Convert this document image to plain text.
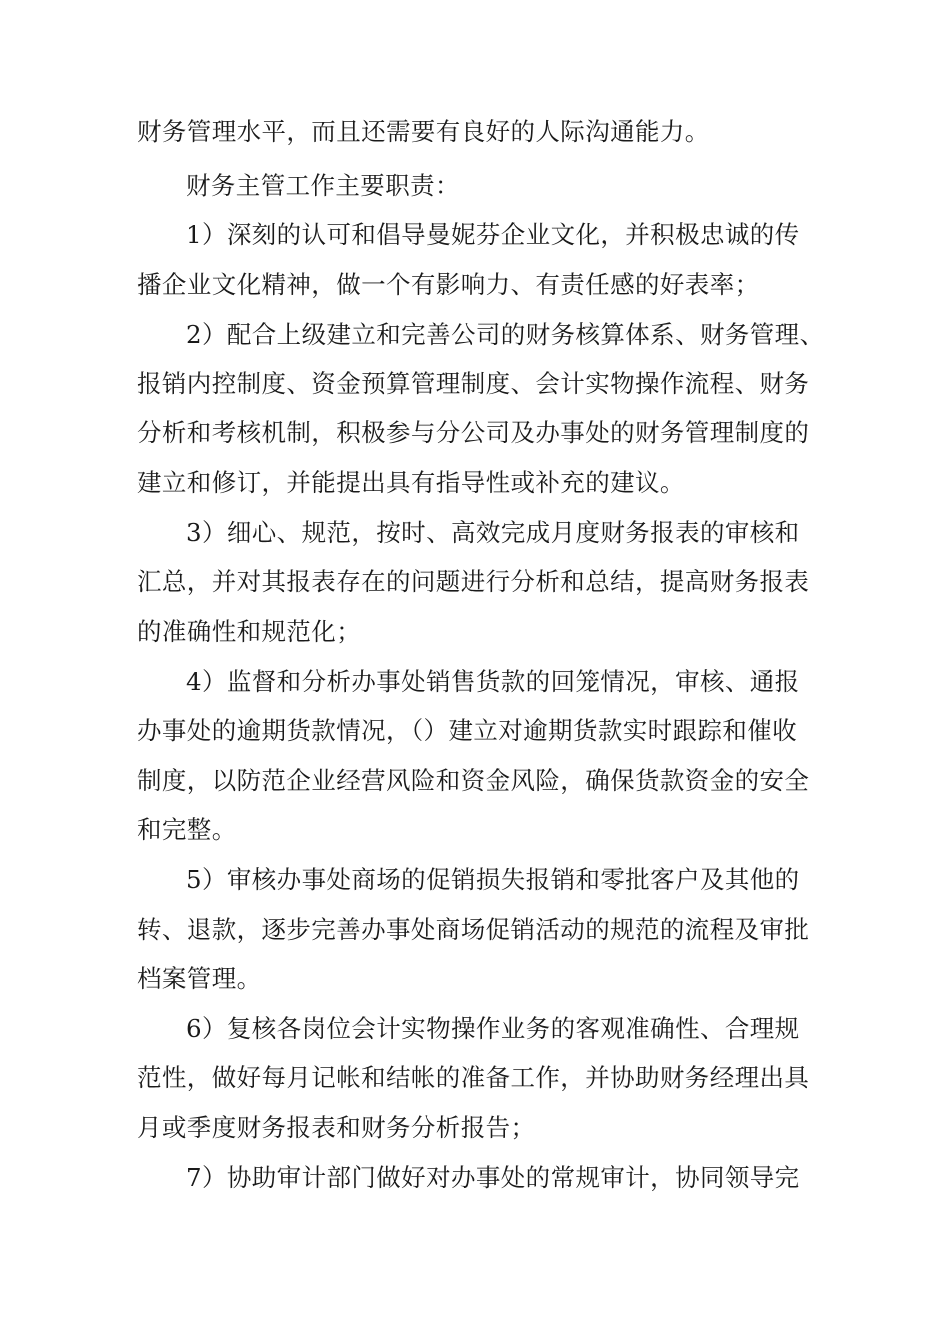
财务管理水平，而且还需要有良好的人际沟通能力。
财务主管工作主要职责：
1）深刻的认可和倡导曼妮芬企业文化，并积极忠诚的传
播企业文化精神，做一个有影响力、有责任感的好表率；
2）配合上级建立和完善公司的财务核算体系、财务管理、
报销内控制度、资金预算管理制度、会计实物操作流程、财务
分析和考核机制，积极参与分公司及办事处的财务管理制度的
建立和修订，并能提出具有指导性或补充的建议。
3）细心、规范，按时、高效完成月度财务报表的审核和
汇总，并对其报表存在的问题进行分析和总结，提高财务报表
的准确性和规范化；
4）监督和分析办事处销售货款的回笼情况，审核、通报
办事处的逾期货款情况，（）建立对逾期货款实时跟踪和催收
制度，以防范企业经营风险和资金风险，确保货款资金的安全
和完整。
5）审核办事处商场的促销损失报销和零批客户及其他的
转、退款，逐步完善办事处商场促销活动的规范的流程及审批
档案管理。
6）复核各岗位会计实物操作业务的客观准确性、合理规
范性，做好每月记帐和结帐的准备工作，并协助财务经理出具
月或季度财务报表和财务分析报告；
7）协助审计部门做好对办事处的常规审计，协同领导完
